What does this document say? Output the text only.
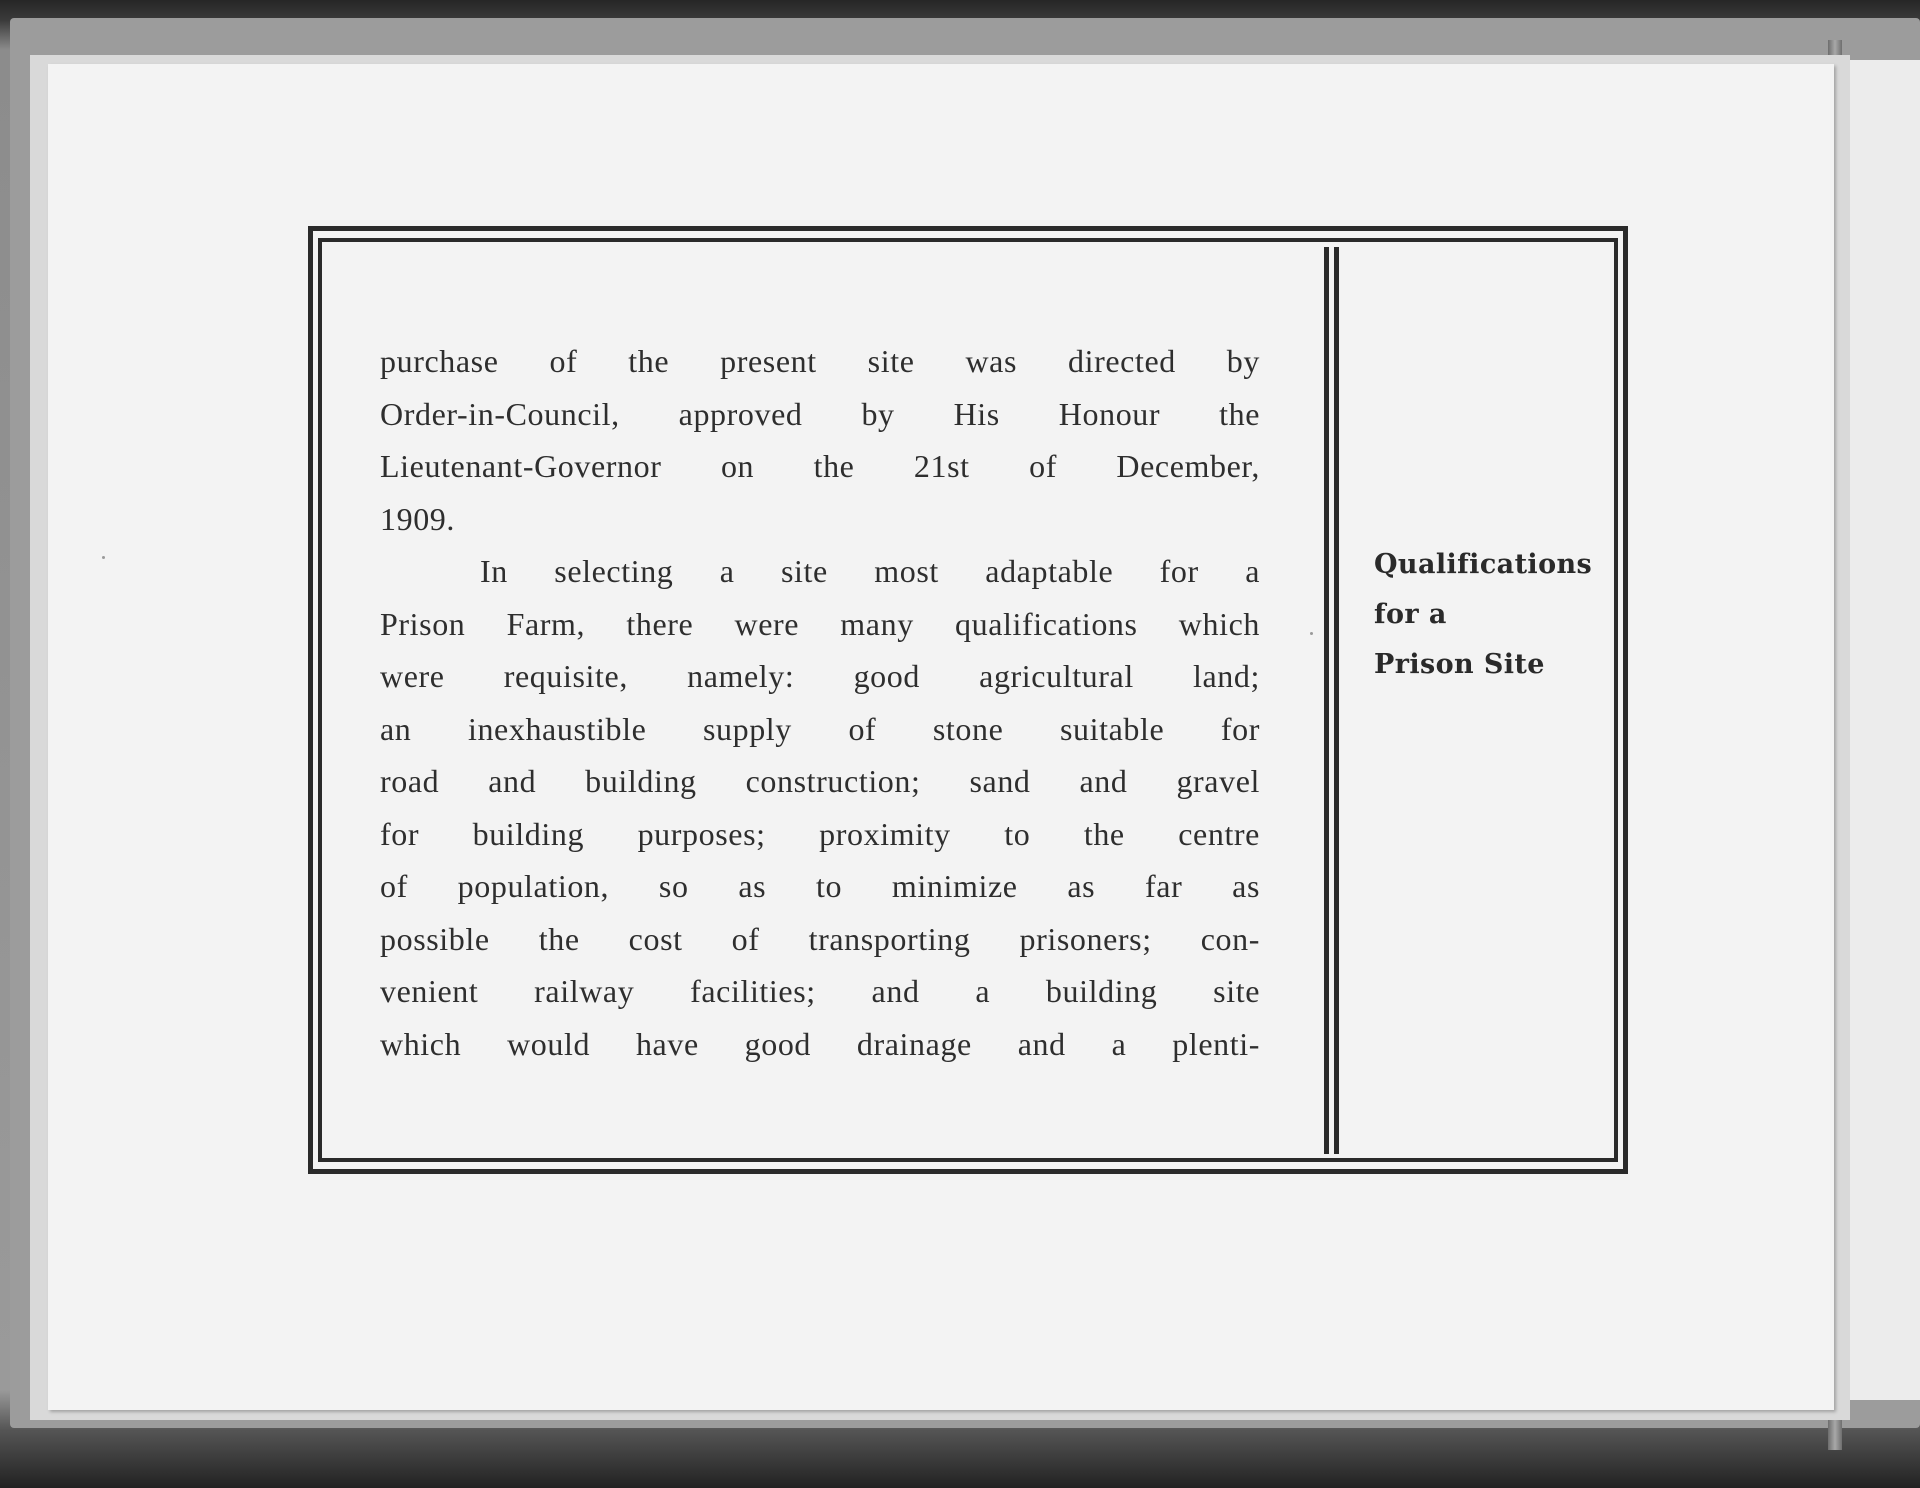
purchase of the present site was directed by
Order-in-Council, approved by His Honour the
Lieutenant-Governor on the 21st of December,

1909.

In selecting a site most adaptable for a

Prison Farm, there were many qualifications which
were requisite, namely: good agricultural land;
an inexhaustible supply of stone suitable for
road and building construction; sand and gravel
for building purposes; proximity to the centre
of population, so as to minimize as far as
possible the cost of transporting prisoners; con-
venient railway facilities; and a building site
which would have good drainage and a plenti-

Qualifications
for a
Prison Site
